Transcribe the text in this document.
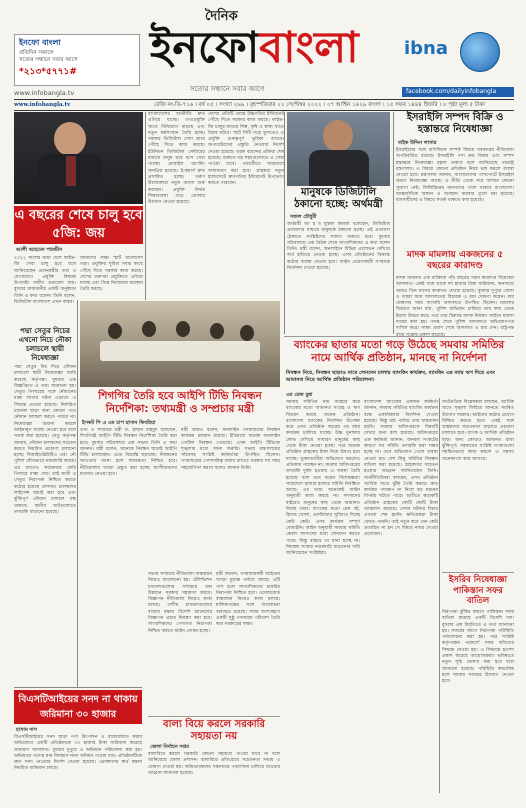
ইনফো বাংলা
প্রতিদিন সকালে
সত্যের সন্ধানে সবার আগে
*২১৩*৫৭৭১#
দৈনিক
ইনফোবাংলা
সত্যের সন্ধানে সবার আগে
ibna
facebook.com/dailyinfobangla
www.infobangla.tv
www.infobangla.tv	রেজি নং-ডি-৭১৬ । বর্ষ ০৫ । সংখ্যা ২৬৯ । বৃহস্পতিবার ২২ সেপ্টেম্বর ২০২২ । ০৭ আশ্বিন ১৪২৯ বাংলা । ১৫ সফর ১৪৪৪ হিজরি । ৮ পৃষ্ঠা মূল্য ৫ টাকা
এ বছরের শেষে চালু হবে ৫জি: জয়
আলী আহমেদ পারভীন
২০২২ সালের মধ্যে দেশে ফাইভ-জি সেবা চালু হবে বলে জানিয়েছেন প্রধানমন্ত্রীর তথ্য ও যোগাযোগ প্রযুক্তি বিষয়ক উপদেষ্টা সজীব ওয়াজেদ জয়। বুধবার রাজধানীর একটি অনুষ্ঠানে তিনি এ কথা বলেন। তিনি বলেন, ডিজিটাল বাংলাদেশ এখন বাস্তব।
আমাদের লক্ষ্য স্মার্ট বাংলাদেশ গড়া। প্রযুক্তির সুবিধা সবার কাছে পৌঁছে দিতে সরকার কাজ করছে। দেশের তরুণরা প্রযুক্তিতে এগিয়ে যাচ্ছে এবং বিশ্বে নিজেদের অবস্থান তৈরি করছে।
পদ্মা সেতুর নিচের এখনো নিচে নৌকা চলাচলে স্থায়ী নিষেধাজ্ঞা
পদ্মা সেতুর নিচ দিয়ে নৌযান চলাচলে স্থায়ী নিষেধাজ্ঞা জারি করেছে কর্তৃপক্ষ। বুধবার এক বিজ্ঞপ্তিতে এ তথ্য জানানো হয়। সেতুর পিলারের সঙ্গে নৌযানের ধাক্কা লাগার ঘটনা এড়াতে এ সিদ্ধান্ত নেওয়া হয়েছে। নির্ধারিত চ্যানেল ছাড়া অন্য কোনো পথে নৌযান চলাচল করতে পারবে না। নিষেধাজ্ঞা অমান্য করলে আইনানুগ ব্যবস্থা নেওয়া হবে বলে সতর্ক করা হয়েছে। সেতু কর্তৃপক্ষ জানায়, নৌযান চালকদের সচেতন করতে নিয়মিত প্রচারণা চালানো হচ্ছে। বিআইডব্লিউটিএ এবং নৌ পুলিশ যৌথভাবে নজরদারি করছে। এর আগেও কয়েকবার ফেরি পিলারে ধাক্কা দেয়। তাই যাত্রী ও সেতুর নিরাপত্তা নিশ্চিত করতে কঠোর হয়েছে প্রশাসন। চালকদের লাইসেন্স যাচাই করা হবে এবং ঝুঁকিপূর্ণ নৌযান চলাচল বন্ধ থাকবে। স্থানীয় ঘাটগুলোতে তদারকি বাড়ানো হয়েছে।
বাংলাদেশের অর্থনীতি দ্রুত এগিয়ে যাচ্ছে। তথ্যপ্রযুক্তি খাতে বিনিয়োগ বাড়ছে এবং নতুন কর্মসংস্থান তৈরি হচ্ছে। সরকার ডিজিটাল সেবা গ্রামে পৌঁছে দিতে কাজ করছে। ইউনিয়ন ডিজিটাল সেন্টারের মাধ্যমে মানুষ ঘরে বসে সেবা পাচ্ছে। মোবাইল ব্যাংকিং জনপ্রিয় হয়েছে। ই-কমার্স দ্রুত প্রসারিত হচ্ছে। তরুণ উদ্যোক্তারা নতুন ব্যবসা শুরু করছেন। প্রযুক্তি নির্ভর শিক্ষাব্যবস্থা গড়ে তোলার উদ্যোগ নেওয়া হয়েছে।
দেশের প্রতিটি প্রান্তে উচ্চগতির ইন্টারনেট পৌঁছে দিতে সরকার কাজ করছে। ফাইভ-জি চালুর মাধ্যমে শিল্প, কৃষি ও স্বাস্থ্য খাতে বিপ্লব ঘটবে। স্মার্ট সিটি গড়ে তুলতেও এ প্রযুক্তি গুরুত্বপূর্ণ ভূমিকা রাখবে। অপারেটরদের প্রস্তুতি নেওয়ার নির্দেশ দেওয়া হয়েছে। তরঙ্গ বরাদ্দের প্রক্রিয়া শেষ হয়েছে। শুরুতে বড় শহরগুলোতে এ সেবা পাওয়া যাবে। পরবর্তীতে সারাদেশে সম্প্রসারণ করা হবে। গ্রাহকরা নতুন হ্যান্ডসেটে দ্রুতগতির ইন্টারনেট উপভোগ করতে পারবেন।
মানুষকে ডিজিটালি ঠকানো হচ্ছে: অর্থমন্ত্রী
সজল চৌধুরী
অর্থমন্ত্রী আ হ ম মুস্তফা কামাল বলেছেন, ডিজিটাল প্রতারণার মাধ্যমে মানুষকে ঠকানো হচ্ছে। এই প্রতারণা ঠেকাতে সংশ্লিষ্টদের সজাগ থাকতে হবে। বুধবার সচিবালয়ে এক বৈঠক শেষে সাংবাদিকদের এ কথা বলেন তিনি। মন্ত্রী বলেন, অনলাইনে বিভিন্ন প্রলোভন দেখিয়ে অর্থ হাতিয়ে নেওয়া হচ্ছে। এসব প্রতিষ্ঠানের বিরুদ্ধে কঠোর ব্যবস্থা নেওয়া হবে। আইন প্রয়োগকারী সংস্থাকে নির্দেশনা দেওয়া হয়েছে।
ইসরাইলি সম্পদ বিক্রি ও হস্তান্তরে নিষেধাজ্ঞা
বাইক উদ্দিন লাসার
ইসরাইলের সঙ্গে বাণিজ্যিক সম্পর্ক বিষয়ে সরকারের নীতিমালা অপরিবর্তিত রয়েছে। ইসরাইলি পণ্য ক্রয় বিক্রয় এবং সম্পদ হস্তান্তরে নিষেধাজ্ঞা বহাল থাকবে বলে জানিয়েছে পররাষ্ট্র মন্ত্রণালয়। এ বিষয়ে কোনো প্রতিষ্ঠান নিয়ম ভঙ্গ করলে ব্যবস্থা নেওয়া হবে। মন্ত্রণালয় জানায়, বাংলাদেশের পাসপোর্টে ইসরাইল ভ্রমণে নিষেধাজ্ঞা আছে। এ নীতি থেকে সরে আসার কোনো সুযোগ নেই। ফিলিস্তিনের জনগণের পাশে থাকবে বাংলাদেশ। আন্তর্জাতিক অঙ্গনে এ অবস্থান বারবার তুলে ধরা হয়েছে। ব্যবসায়ীদের এ বিষয়ে সতর্ক থাকতে বলা হয়েছে।
মাদক মামলায় একজনের ৫ বছরের কারাদণ্ড
মাদক মামলায় এক ব্যক্তিকে পাঁচ বছরের সশ্রম কারাদণ্ড দিয়েছেন আদালত। একই সঙ্গে তাকে দশ হাজার টাকা জরিমানা, অনাদায়ে আরও তিন মাসের কারাদণ্ড দেওয়া হয়েছে। বুধবার দুপুরে জেলা ও দায়রা জজ আদালতের বিচারক এ রায় ঘোষণা করেন। রায় ঘোষণার সময় আসামি আদালতে উপস্থিত ছিলেন। মামলার বিবরণে জানা যায়, পুলিশ অভিযান চালিয়ে তার কাছ থেকে ইয়াবা উদ্ধার করে। পরে তার বিরুদ্ধে মাদক নিয়ন্ত্রণ আইনে মামলা দায়ের করা হয়। তদন্ত শেষে পুলিশ আদালতে অভিযোগপত্র দাখিল করে। সাক্ষ্য প্রমাণ শেষে আদালত এ রায় দেন। রাষ্ট্রপক্ষ রায়ে সন্তোষ প্রকাশ করেছে।
ব্যাংকের ছাতার মতো গড়ে উঠেছে সমবায় সমিতির নামে আর্থিক প্রতিষ্ঠান, মানছে না নির্দেশনা
নিবন্ধন নিয়ে, নিবন্ধন ছাড়াও নামে লেনদেন চালায় ব্যাংকিং কার্যক্রম, ব্যাংকিং এর ন্যায় ঋণ দিয়ে এবং আমানত নিয়ে আর্থিক প্রতিষ্ঠান পরিচালনা।
শিগগির তৈরি হবে আইপি টিভি নিবন্ধন নির্দেশিকা: তথ্যমন্ত্রী ও সম্প্রচার মন্ত্রী
ইসকট পি এ এম চাপ হাসান কিবরিয়া
তথ্য ও সম্প্রচার মন্ত্রী ড. হাছান মাহমুদ বলেছেন, শিগগিরই আইপি টিভি নিবন্ধন নির্দেশিকা তৈরি করা হবে। বুধবার সচিবালয়ে এক সভায় তিনি এ কথা জানান। মন্ত্রী বলেন, অনেকে নিবন্ধন ছাড়াই আইপি টিভি চালাচ্ছেন। এতে বিভ্রান্তি ছড়াচ্ছে। নিবন্ধনের আওতায় আনা হলে দায়বদ্ধতা নিশ্চিত হবে। নীতিমালার খসড়া প্রস্তুত করা হচ্ছে। অংশীজনদের মতামত নেওয়া হবে।
মন্ত্রী আরও বলেন, অনলাইন গণমাধ্যমের নিবন্ধন কার্যক্রম চলমান রয়েছে। ইতিমধ্যে অনেক অনলাইন পোর্টাল নিবন্ধন পেয়েছে। এখন আইপি টিভিকে শৃঙ্খলার মধ্যে আনা জরুরি। সভায় মন্ত্রণালয়ের সচিবসহ সংশ্লিষ্ট কর্মকর্তারা উপস্থিত ছিলেন। গণমাধ্যমের পেশাদারিত্ব বজায় রাখতে সরকার সব সময় সহযোগিতা করবে বলেও জানান তিনি।
এম রেজ মুন্না
সমবায় সমিতির নাম ব্যবহার করে ব্যাংকের মতো আমানত সংগ্রহ ও ঋণ বিতরণ করছে অনেক প্রতিষ্ঠান। বাংলাদেশ ব্যাংকের নির্দেশনা উপেক্ষা করে এসব প্রতিষ্ঠান বছরের পর বছর কার্যক্রম চালিয়ে যাচ্ছে। উচ্চ মুনাফার লোভ দেখিয়ে সাধারণ মানুষের কাছ থেকে টাকা নেওয়া হচ্ছে। পরে অনেক প্রতিষ্ঠান গ্রাহকের টাকা নিয়ে উধাও হয়ে যাচ্ছে। ভুক্তভোগীরা অভিযোগ করলেও প্রতিকার পাচ্ছেন না। সমবায় অধিদপ্তরের তদারকি দুর্বল হওয়ায় এ অবস্থা তৈরি হয়েছে বলে মনে করেন বিশেষজ্ঞরা। সারাদেশে হাজার হাজার সমিতি নিবন্ধিত আছে। এর মধ্যে অনেকেই আইন অনুযায়ী কাজ করছে না। সদস্যদের বাইরেও মানুষের কাছ থেকে আমানত নিচ্ছে তারা। ব্যাংকের মতো চেক বই, হিসাব খোলা, এফডিআর সুবিধাও দিচ্ছে কেউ কেউ। এসব কার্যক্রম সম্পূর্ণ বেআইনি। আইন অনুযায়ী সমবায় সমিতি কেবল সদস্যদের মধ্যে লেনদেন করতে পারে। কিন্তু বাস্তবে তা মানা হচ্ছে না। নিয়ন্ত্রক সংস্থার নজরদারি বাড়ানোর দাবি জানিয়েছেন সংশ্লিষ্টরা।
বাংলাদেশ ব্যাংকের একজন কর্মকর্তা জানান, সমবায় সমিতির ব্যাংকিং কার্যক্রম বন্ধে একাধিকবার নির্দেশনা দেওয়া হয়েছে। কিন্তু মাঠ পর্যায়ে তার বাস্তবায়ন হয়নি। সমবায় অধিদপ্তরকে বিষয়টি দেখার জন্য বলা হয়েছে। অধিদপ্তরের এক কর্মকর্তা জানান, জনবল সংকটের কারণে সব সমিতি তদারকি করা সম্ভব হচ্ছে না। তবে অভিযোগ পেলে ব্যবস্থা নেওয়া হয়। বেশ কিছু সমিতির নিবন্ধন বাতিল করা হয়েছে। গ্রাহকদের সচেতন হওয়ার আহ্বান জানিয়েছেন তিনি। অর্থনীতিবিদরা বলছেন, এসব প্রতিষ্ঠান আর্থিক খাতে ঝুঁকি তৈরি করছে। দ্রুত কার্যকর পদক্ষেপ না নিলে বড় ধরনের বিপর্যয় ঘটতে পারে। অতীতে কয়েকটি প্রতিষ্ঠান গ্রাহকের কোটি কোটি টাকা আত্মসাৎ করেছে। সেসব ঘটনার বিচার এখনো শেষ হয়নি। ক্ষতিগ্রস্তরা টাকা ফেরত পাননি। তাই নতুন করে যেন কেউ প্রতারিত না হন সে বিষয়ে নজর দেওয়া প্রয়োজন।
অর্থনৈতিক বিশ্লেষকরা বলছেন, আর্থিক খাতে শৃঙ্খলা ফিরিয়ে আনতে সমন্বিত উদ্যোগ দরকার। আইনের কঠোর প্রয়োগ নিশ্চিত করতে হবে। একই সঙ্গে গ্রাহকদের সচেতনতা বাড়াতে প্রচারণা চালাতে হবে। ব্যাংক ও আর্থিক প্রতিষ্ঠান ছাড়া অন্য কোথাও আমানত রাখা ঝুঁকিপূর্ণ। সরকারের সংশ্লিষ্ট সংস্থাগুলো সমন্বিতভাবে কাজ করলে এ সমস্যা অনেকাংশে কমে আসবে।
ইসরিব নিষেধাজ্ঞা পাকিস্তান সফর বাতিল
নিরাপত্তা ঝুঁকির কারণে পাকিস্তান সফর বাতিল করেছে একটি বিদেশি দল। বুধবার এক বিবৃতিতে এ তথ্য জানানো হয়। সফরের আগে নিরাপত্তা পরিস্থিতি পর্যালোচনা করা হয়। পরে সংশ্লিষ্ট কর্তৃপক্ষের পরামর্শে সফর স্থগিতের সিদ্ধান্ত নেওয়া হয়। এ সিদ্ধান্তে হতাশা প্রকাশ করেছে আয়োজকরা। ভবিষ্যতে নতুন সূচি ঘোষণা করা হবে বলে জানানো হয়েছে। পরিস্থিতি স্বাভাবিক হলে আবার সফরের উদ্যোগ নেওয়া হবে।
বিএসটিআইয়ের সনদ না থাকায় জরিমানা ৩০ হাজার
হাসান দাস
বিএসটিআইয়ের সনদ ছাড়া পণ্য উৎপাদন ও বাজারজাত করার অভিযোগে একটি প্রতিষ্ঠানকে ৩০ হাজার টাকা জরিমানা করেছে ভ্রাম্যমাণ আদালত। বুধবার দুপুরে এ অভিযান পরিচালনা করা হয়। অভিযানে পণ্যের মান নিয়ন্ত্রণে নানা অনিয়ম পাওয়া যায়। প্রতিষ্ঠানটিকে দ্রুত সনদ নেওয়ার নির্দেশ দেওয়া হয়েছে। ভোক্তাদের স্বার্থ রক্ষায় নিয়মিত অভিযান চলবে।
সভায় সম্প্রচার নীতিমালা বাস্তবায়ন নিয়েও আলোচনা হয়। টেলিভিশন চ্যানেলগুলোর সম্প্রচার মান উন্নয়নে সরকার সহায়তা করবে। বিজ্ঞাপন নীতিমালা নিয়েও কাজ চলছে। দেশীয় চ্যানেলগুলোর বাজার রক্ষায় বিদেশি চ্যানেলের বিজ্ঞাপন প্রচার নিয়ন্ত্রণ করা হবে। সাংবাদিকদের পেশাগত নিরাপত্তা নিশ্চিত করতে আইন প্রণয়ন হচ্ছে।
মন্ত্রী জানান, গণমাধ্যমকর্মী আইনের খসড়া চূড়ান্ত পর্যায়ে আছে। এটি পাস হলে সাংবাদিকদের চাকরির নিরাপত্তা নিশ্চিত হবে। ওয়েজবোর্ড বাস্তবায়ন নিয়েও কাজ চলছে। মালিকপক্ষের সঙ্গে আলোচনা অব্যাহত রয়েছে। সবার অংশগ্রহণে একটি সুষ্ঠু গণমাধ্যম পরিবেশ তৈরি করা সরকারের লক্ষ্য।
বাল্য বিয়ে করলে সরকারি সহায়তা নয়
জেলা নির্বাচন দপ্তর
বাল্যবিয়ে করলে সরকারি কোনো সহায়তা পাওয়া যাবে না বলে জানিয়েছে জেলা প্রশাসন। বাল্যবিয়ে প্রতিরোধে সচেতনতা সভায় এ ঘোষণা দেওয়া হয়। অভিভাবকদের সন্তানদের পড়াশোনা চালিয়ে যাওয়ার আহ্বান জানানো হয়েছে।
